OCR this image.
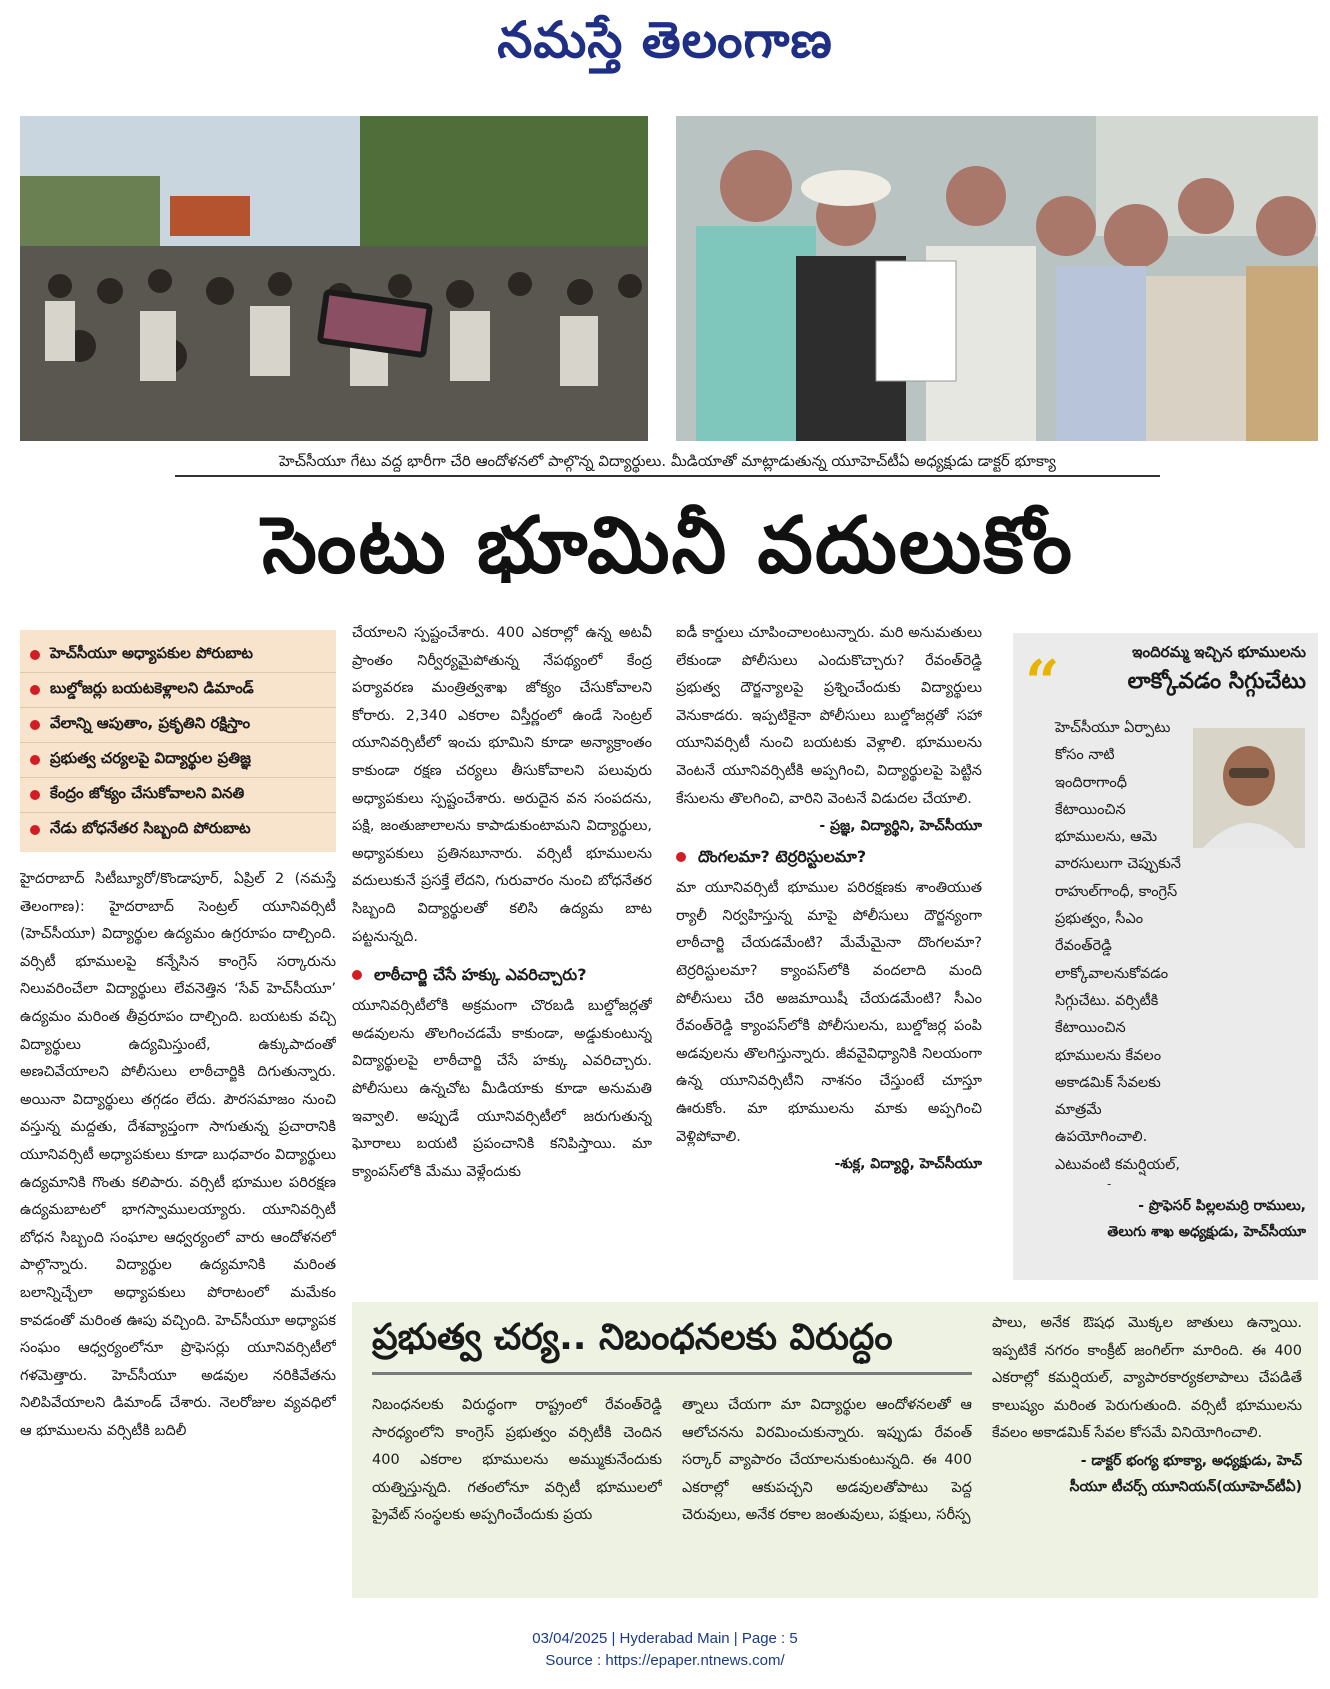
నమస్తే తెలంగాణ
హెచ్‌సీయూ గేటు వద్ద భారీగా చేరి ఆందోళనలో పాల్గొన్న విద్యార్థులు. మీడియాతో మాట్లాడుతున్న యూహెచ్‌టీఏ అధ్యక్షుడు డాక్టర్ భూక్యా
సెంటు భూమినీ వదులుకోం
హెచ్‌సీయూ అధ్యాపకుల పోరుబాట
బుల్డోజర్లు బయటకెళ్లాలని డిమాండ్
వేలాన్ని ఆపుతాం, ప్రకృతిని రక్షిస్తాం
ప్రభుత్వ చర్యలపై విద్యార్థుల ప్రతిజ్ఞ
కేంద్రం జోక్యం చేసుకోవాలని వినతి
నేడు బోధనేతర సిబ్బంది పోరుబాట

హైదరాబాద్ సిటీబ్యూరో/కొండాపూర్, ఏప్రిల్ 2 (నమస్తే తెలంగాణ): హైదరాబాద్ సెంట్రల్ యూనివర్సిటీ (హెచ్‌సీయూ) విద్యార్థుల ఉద్యమం ఉగ్రరూపం దాల్చింది. వర్సిటీ భూములపై కన్నేసిన కాంగ్రెస్ సర్కారును నిలువరించేలా విద్యార్థులు లేవనెత్తిన ‘సేవ్ హెచ్‌సీయూ’ ఉద్యమం మరింత తీవ్రరూపం దాల్చింది. బయటకు వచ్చి విద్యార్థులు ఉద్యమిస్తుంటే, ఉక్కుపాదంతో అణచివేయాలని పోలీసులు లాఠీచార్జికి దిగుతున్నారు. అయినా విద్యార్థులు తగ్గడం లేదు. పౌరసమాజం నుంచి వస్తున్న మద్దతు, దేశవ్యాప్తంగా సాగుతున్న ప్రచారానికి యూనివర్సిటీ అధ్యాపకులు కూడా బుధవారం విద్యార్థులు ఉద్యమానికి గొంతు కలిపారు. వర్సిటీ భూముల పరిరక్షణ ఉద్యమబాటలో భాగస్వాములయ్యారు. యూనివర్సిటీ బోధన సిబ్బంది సంఘాల ఆధ్వర్యంలో వారు ఆందోళనలో పాల్గొన్నారు. విద్యార్థుల ఉద్యమానికి మరింత బలాన్నిచ్చేలా అధ్యాపకులు పోరాటంలో మమేకం కావడంతో మరింత ఊపు వచ్చింది. హెచ్‌సీయూ అధ్యాపక సంఘం ఆధ్వర్యంలోనూ ప్రొఫెసర్లు యూనివర్సిటీలో గళమెత్తారు. హెచ్‌సీయూ అడవుల నరికివేతను నిలిపివేయాలని డిమాండ్ చేశారు. నెలరోజుల వ్యవధిలో ఆ భూములను వర్సిటీకి బదిలీ

చేయాలని స్పష్టంచేశారు. 400 ఎకరాల్లో ఉన్న అటవీ ప్రాంతం నిర్వీర్యమైపోతున్న నేపథ్యంలో కేంద్ర పర్యావరణ మంత్రిత్వశాఖ జోక్యం చేసుకోవాలని కోరారు. 2,340 ఎకరాల విస్తీర్ణంలో ఉండే సెంట్రల్ యూనివర్సిటీలో ఇంచు భూమిని కూడా అన్యాక్రాంతం కాకుండా రక్షణ చర్యలు తీసుకోవాలని పలువురు అధ్యాపకులు స్పష్టంచేశారు. అరుదైన వన సంపదను, పక్షి, జంతుజాలాలను కాపాడుకుంటామని విద్యార్థులు, అధ్యాపకులు ప్రతినబూనారు. వర్సిటీ భూములను వదులుకునే ప్రసక్తే లేదని, గురువారం నుంచి బోధనేతర సిబ్బంది విద్యార్థులతో కలిసి ఉద్యమ బాట పట్టనున్నది.

లాఠీచార్జి చేసే హక్కు ఎవరిచ్చారు?

యూనివర్సిటీలోకి అక్రమంగా చొరబడి బుల్డోజర్లతో అడవులను తొలగించడమే కాకుండా, అడ్డుకుంటున్న విద్యార్థులపై లాఠీచార్జి చేసే హక్కు ఎవరిచ్చారు. పోలీసులు ఉన్నచోట మీడియాకు కూడా అనుమతి ఇవ్వాలి. అప్పుడే యూనివర్సిటీలో జరుగుతున్న ఘోరాలు బయటి ప్రపంచానికి కనిపిస్తాయి. మా క్యాంపస్‌లోకి మేము వెళ్లేందుకు

ఐడీ కార్డులు చూపించాలంటున్నారు. మరి అనుమతులు లేకుండా పోలీసులు ఎందుకొచ్చారు? రేవంత్‌రెడ్డి ప్రభుత్వ దౌర్జన్యాలపై ప్రశ్నించేందుకు విద్యార్థులు వెనుకాడరు. ఇప్పటికైనా పోలీసులు బుల్డోజర్లతో సహా యూనివర్సిటీ నుంచి బయటకు వెళ్లాలి. భూములను వెంటనే యూనివర్సిటీకి అప్పగించి, విద్యార్థులపై పెట్టిన కేసులను తొలగించి, వారిని వెంటనే విడుదల చేయాలి.

- ప్రజ్ఞ, విద్యార్థిని, హెచ్‌సీయూ
దొంగలమా? టెర్రరిస్టులమా?

మా యూనివర్సిటీ భూముల పరిరక్షణకు శాంతియుత ర్యాలీ నిర్వహిస్తున్న మాపై పోలీసులు దౌర్జన్యంగా లాఠీచార్జి చేయడమేంటి? మేమేమైనా దొంగలమా? టెర్రరిస్టులమా? క్యాంపస్‌లోకి వందలాది మంది పోలీసులు చేరి అజమాయిషీ చేయడమేంటి? సీఎం రేవంత్‌రెడ్డి క్యాంపస్‌లోకి పోలీసులను, బుల్డోజర్ల పంపి అడవులను తొలగిస్తున్నారు. జీవవైవిధ్యానికి నిలయంగా ఉన్న యూనివర్సిటీని నాశనం చేస్తుంటే చూస్తూ ఊరుకోం. మా భూములను మాకు అప్పగించి వెళ్లిపోవాలి.

-శుక్ల, విద్యార్థి, హెచ్‌సీయూ
ఇందిరమ్మ ఇచ్చిన భూములను
లాక్కోవడం సిగ్గుచేటు
“

హెచ్‌సీయూ ఏర్పాటు కోసం నాటి ఇందిరాగాంధీ కేటాయించిన భూములను, ఆమె వారసులుగా చెప్పుకునే రాహుల్‌గాంధీ, కాంగ్రెస్ ప్రభుత్వం, సీఎం రేవంత్‌రెడ్డి లాక్కోవాలనుకోవడం సిగ్గుచేటు. వర్సిటీకి కేటాయించిన భూములను కేవలం అకాడమిక్ సేవలకు మాత్రమే ఉపయోగించాలి. ఎటువంటి కమర్షియల్,

- ప్రొఫెసర్ పిల్లలమర్రి రాములు,
తెలుగు శాఖ అధ్యక్షుడు, హెచ్‌సీయూ
ప్రభుత్వ చర్య.. నిబంధనలకు విరుద్ధం

నిబంధనలకు విరుద్ధంగా రాష్ట్రంలో రేవంత్‌రెడ్డి సారధ్యంలోని కాంగ్రెస్ ప్రభుత్వం వర్సిటీకి చెందిన 400 ఎకరాల భూములను అమ్ముకునేందుకు యత్నిస్తున్నది. గతంలోనూ వర్సిటీ భూములలో ప్రైవేట్ సంస్థలకు అప్పగించేందుకు ప్రయ

త్నాలు చేయగా మా విద్యార్థుల ఆందోళనలతో ఆ ఆలోచనను విరమించుకున్నారు. ఇప్పుడు రేవంత్ సర్కార్ వ్యాపారం చేయాలనుకుంటున్నది. ఈ 400 ఎకరాల్లో ఆకుపచ్చని అడవులతోపాటు పెద్ద చెరువులు, అనేక రకాల జంతువులు, పక్షులు, సరీస్ప

పాలు, అనేక ఔషధ మొక్కల జాతులు ఉన్నాయి. ఇప్పటికే నగరం కాంక్రీట్ జంగిల్‌గా మారింది. ఈ 400 ఎకరాల్లో కమర్షియల్, వ్యాపారకార్యకలాపాలు చేపడితే కాలుష్యం మరింత పెరుగుతుంది. వర్సిటీ భూములను కేవలం అకాడమిక్ సేవల కోసమే వినియోగించాలి.

- డాక్టర్ భంగ్య భూక్యా, అధ్యక్షుడు, హెచ్
సీయూ టీచర్స్ యూనియన్(యూహెచ్‌టీఏ)
03/04/2025 | Hyderabad Main | Page : 5
Source : https://epaper.ntnews.com/
